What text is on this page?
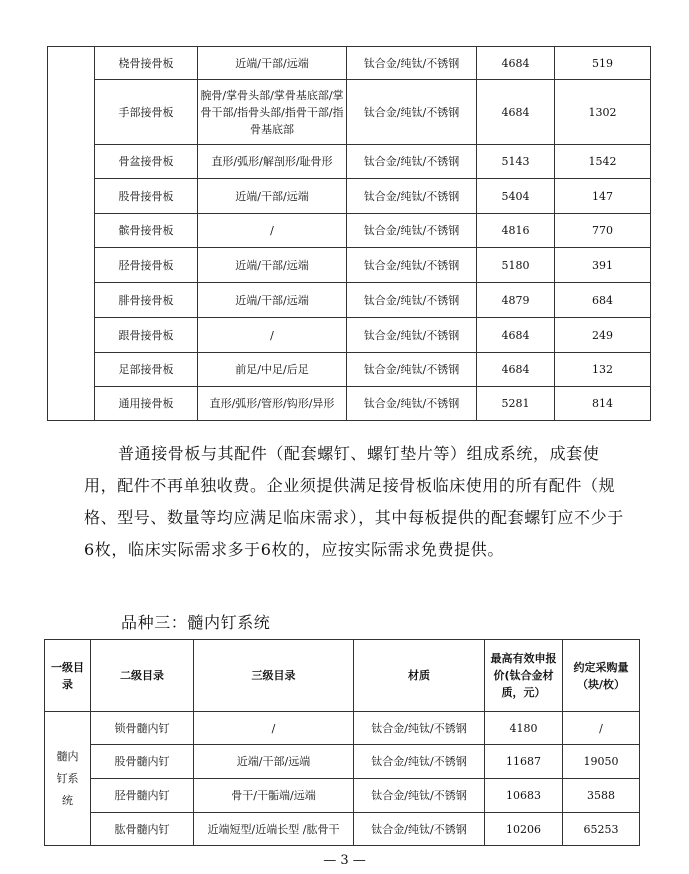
	桡骨接骨板	近端/干部/远端	钛合金/纯钛/不锈钢	4684	519
	手部接骨板	腕骨/掌骨头部/掌骨基底部/掌骨干部/指骨头部/指骨干部/指骨基底部	钛合金/纯钛/不锈钢	4684	1302
	骨盆接骨板	直形/弧形/解剖形/耻骨形	钛合金/纯钛/不锈钢	5143	1542
	股骨接骨板	近端/干部/远端	钛合金/纯钛/不锈钢	5404	147
	髌骨接骨板	/	钛合金/纯钛/不锈钢	4816	770
	胫骨接骨板	近端/干部/远端	钛合金/纯钛/不锈钢	5180	391
	腓骨接骨板	近端/干部/远端	钛合金/纯钛/不锈钢	4879	684
	跟骨接骨板	/	钛合金/纯钛/不锈钢	4684	249
	足部接骨板	前足/中足/后足	钛合金/纯钛/不锈钢	4684	132
	通用接骨板	直形/弧形/管形/钩形/异形	钛合金/纯钛/不锈钢	5281	814

普通接骨板与其配件（配套螺钉、螺钉垫片等）组成系统，成套使用，配件不再单独收费。企业须提供满足接骨板临床使用的所有配件（规格、型号、数量等均应满足临床需求），其中每板提供的配套螺钉应不少于6枚，临床实际需求多于6枚的，应按实际需求免费提供。

品种三：髓内钉系统

一级目录	二级目录	三级目录	材质	最高有效申报价(钛合金材质，元）	约定采购量（块/枚）
髓内钉系统	锁骨髓内钉	/	钛合金/纯钛/不锈钢	4180	/
	股骨髓内钉	近端/干部/远端	钛合金/纯钛/不锈钢	11687	19050
	胫骨髓内钉	骨干/干骺端/远端	钛合金/纯钛/不锈钢	10683	3588
	肱骨髓内钉	近端短型/近端长型 /肱骨干	钛合金/纯钛/不锈钢	10206	65253
— 3 —
